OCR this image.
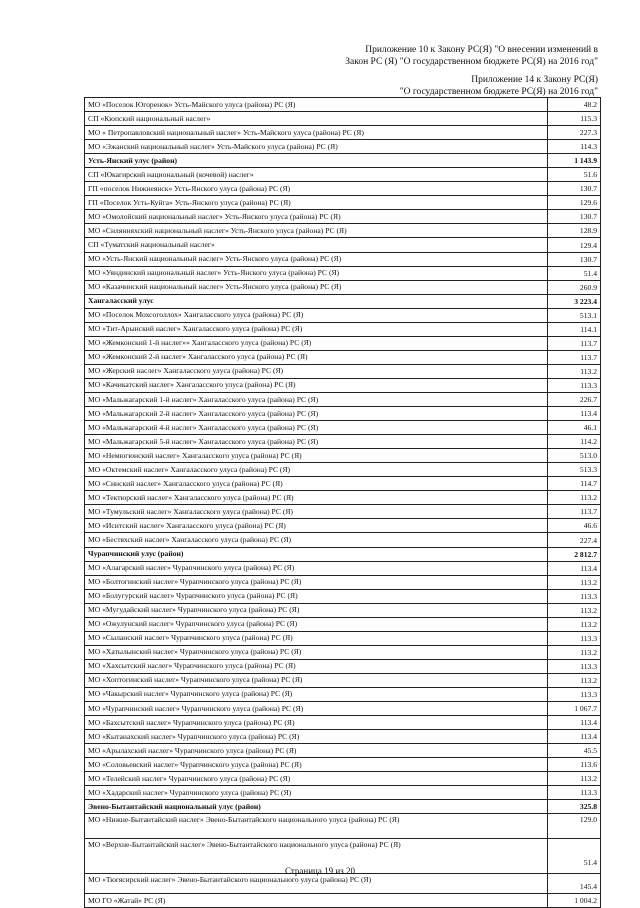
Приложение 10 к Закону РС(Я) "О внесении изменений в
Закон РС (Я) "О государственном бюджете РС(Я) на 2016 год"
Приложение 14 к Закону РС(Я)
"О государственном бюджете РС(Я) на 2016 год"
МО «Поселок Югоренок» Усть-Майского улуса (района) РС (Я)	48.2
СП «Кюпский национальный наслег»	115.3
МО « Петропавловский национальный наслег» Усть-Майского улуса (района) РС (Я)	227.3
МО «Эжанский национальный наслег» Усть-Майского улуса (района) РС (Я)	114.3
Усть-Янский улус (район)	1 143.9
СП «Юкагирский национальный (кочевой) наслег»	51.6
ГП «поселок Нижнеянск» Усть-Янского улуса (района) РС (Я)	130.7
ГП «Поселок Усть-Куйга» Усть-Янского улуса (района) РС (Я)	129.6
МО «Омолойский национальный наслег» Усть-Янского улуса (района) РС (Я)	130.7
МО «Силянняхский национальный наслег» Усть-Янского улуса (района) РС (Я)	128.9
СП «Туматский национальный наслег»	129.4
МО «Усть-Янский национальный наслег» Усть-Янского улуса (района) РС (Я)	130.7
МО «Уяндинский национальный наслег» Усть-Янского улуса (района) РС (Я)	51.4
МО «Казачинский национальный наслег» Усть-Янского улуса (района) РС (Я)	260.9
Хангаласский улус	3 223.4
МО «Поселок Мохсоголлох» Хангаласского улуса (района) РС (Я)	513.1
МО «Тит-Арынский наслег» Хангаласского улуса (района) РС (Я)	114.1
МО «Жемконский 1-й наслег»» Хангаласского улуса (района) РС (Я)	113.7
МО «Жемконский 2-й наслег» Хангаласского улуса (района) РС (Я)	113.7
МО «Жерский наслег» Хангаласского улуса (района) РС (Я)	113.2
МО «Качикатский наслег» Хангаласского улуса (района) РС (Я)	113.3
МО «Мальжагарский 1-й наслег» Хангаласского улуса (района) РС (Я)	226.7
МО «Мальжагарский 2-й наслег» Хангаласского улуса (района) РС (Я)	113.4
МО «Мальжагарский 4-й наслег» Хангаласского улуса (района) РС (Я)	46.1
МО «Мальжагарский 5-й наслег» Хангаласского улуса (района) РС (Я)	114.2
МО «Немюгюнский наслег» Хангаласского улуса (района) РС (Я)	513.0
МО «Октемский наслег» Хангаласского улуса (района) РС (Я)	513.3
МО «Синский наслег» Хангаласского улуса (района) РС (Я)	114.7
МО «Тектюрский наслег» Хангаласского улуса (района) РС (Я)	113.2
МО «Тумульский наслег» Хангаласского улуса (района) РС (Я)	113.7
МО «Иситский наслег» Хангаласского улуса (района) РС (Я)	46.6
МО «Бестяхский наслег» Хангаласского улуса (района) РС (Я)	227.4
Чурапчинский улус (район)	2 812.7
МО «Алагарский наслег» Чурапчинского улуса (района) РС (Я)	113.4
МО «Болтогинский наслег» Чурапчинского улуса (района) РС (Я)	113.2
МО «Болугурский наслег» Чурапчинского улуса (района) РС (Я)	113.3
МО «Мугудайский наслег» Чурапчинского улуса (района) РС (Я)	113.2
МО «Ожулунский наслег» Чурапчинского улуса (района) РС (Я)	113.2
МО «Сыланский наслег» Чурапчинского улуса (района) РС (Я)	113.3
МО «Хатылынский наслег» Чурапчинского улуса (района) РС (Я)	113.2
МО «Хахсытский наслег» Чурапчинского улуса (района) РС (Я)	113.3
МО «Хоптогинский наслег» Чурапчинского улуса (района) РС (Я)	113.2
МО «Чакырский наслег» Чурапчинского улуса (района) РС (Я)	113.3
МО «Чурапчинский наслег» Чурапчинского улуса (района) РС (Я)	1 067.7
МО «Бахсытский наслег» Чурапчинского улуса (района) РС (Я)	113.4
МО «Кытанахский наслег» Чурапчинского улуса (района) РС (Я)	113.4
МО «Арылахский наслег» Чурапчинского улуса (района) РС (Я)	45.5
МО «Соловьевский наслег» Чурапчинского улуса (района) РС (Я)	113.6
МО «Телейский наслег» Чурапчинского улуса (района) РС (Я)	113.2
МО «Хадарский наслег» Чурапчинского улуса (района) РС (Я)	113.3
Эвено-Бытантайский национальный улус (район)	325.8
МО «Нижне-Бытантайский наслег» Эвено-Бытантайского национального улуса (района) РС (Я)	129.0
МО «Верхне-Бытантайский наслег» Эвено-Бытантайского национального улуса (района) РС (Я)	51.4
МО «Тюгясирский наслег» Эвено-Бытантайского национального улуса (района) РС (Я)	145.4
МО ГО «Жатай» РС (Я)	1 004.2
Страница 19 из 20
